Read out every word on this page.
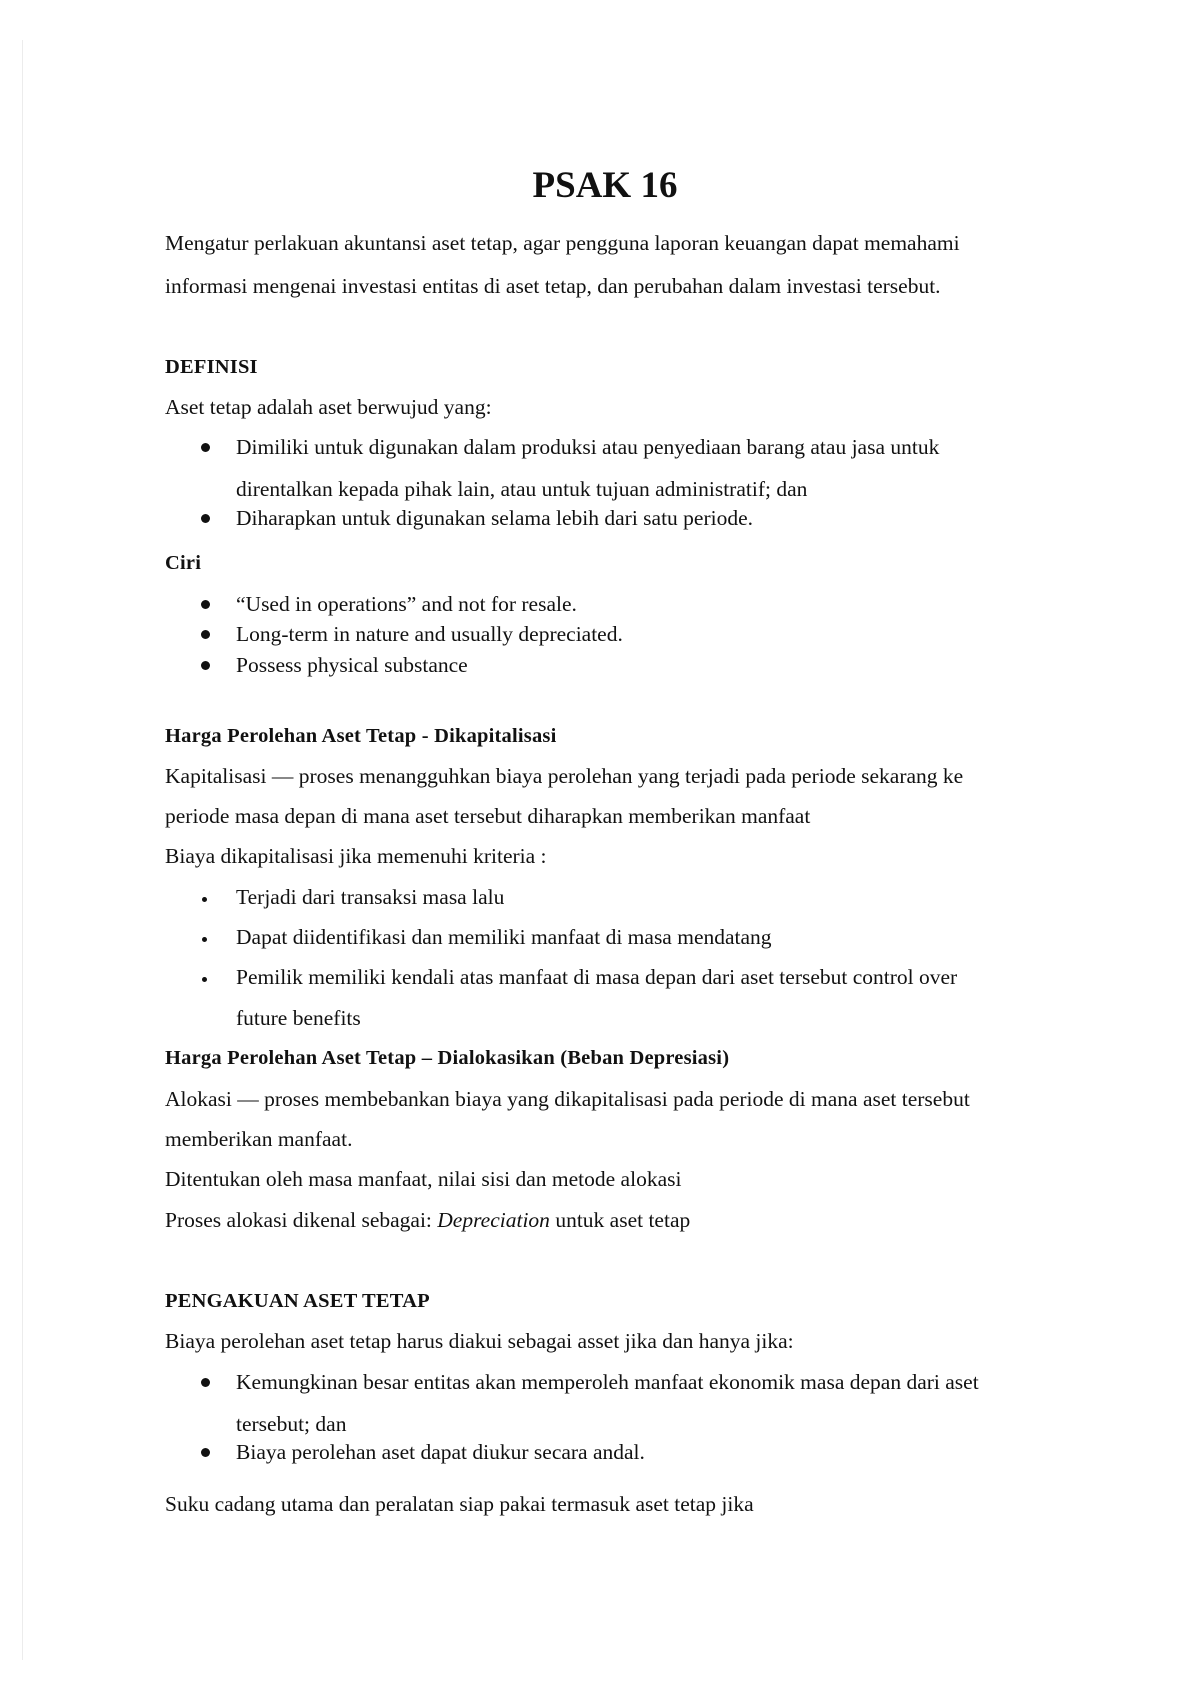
PSAK 16
Mengatur perlakuan akuntansi aset tetap, agar pengguna laporan keuangan dapat memahami
informasi mengenai investasi entitas di aset tetap, dan perubahan dalam investasi tersebut.
DEFINISI
Aset tetap adalah aset berwujud yang:
Dimiliki untuk digunakan dalam produksi atau penyediaan barang atau jasa untuk
direntalkan kepada pihak lain, atau untuk tujuan administratif; dan
Diharapkan untuk digunakan selama lebih dari satu periode.
Ciri
“Used in operations” and not for resale.
Long-term in nature and usually depreciated.
Possess physical substance
Harga Perolehan Aset Tetap - Dikapitalisasi
Kapitalisasi — proses menangguhkan biaya perolehan yang terjadi pada periode sekarang ke
periode masa depan di mana aset tersebut diharapkan memberikan manfaat
Biaya dikapitalisasi jika memenuhi kriteria :
Terjadi dari transaksi masa lalu
Dapat diidentifikasi dan memiliki manfaat di masa mendatang
Pemilik memiliki kendali atas manfaat di masa depan dari aset tersebut control over
future benefits
Harga Perolehan Aset Tetap – Dialokasikan (Beban Depresiasi)
Alokasi — proses membebankan biaya yang dikapitalisasi pada periode di mana aset tersebut
memberikan manfaat.
Ditentukan oleh masa manfaat, nilai sisi dan metode alokasi
Proses alokasi dikenal sebagai: Depreciation untuk aset tetap
PENGAKUAN ASET TETAP
Biaya perolehan aset tetap harus diakui sebagai asset jika dan hanya jika:
Kemungkinan besar entitas akan memperoleh manfaat ekonomik masa depan dari aset
tersebut; dan
Biaya perolehan aset dapat diukur secara andal.
Suku cadang utama dan peralatan siap pakai termasuk aset tetap jika
